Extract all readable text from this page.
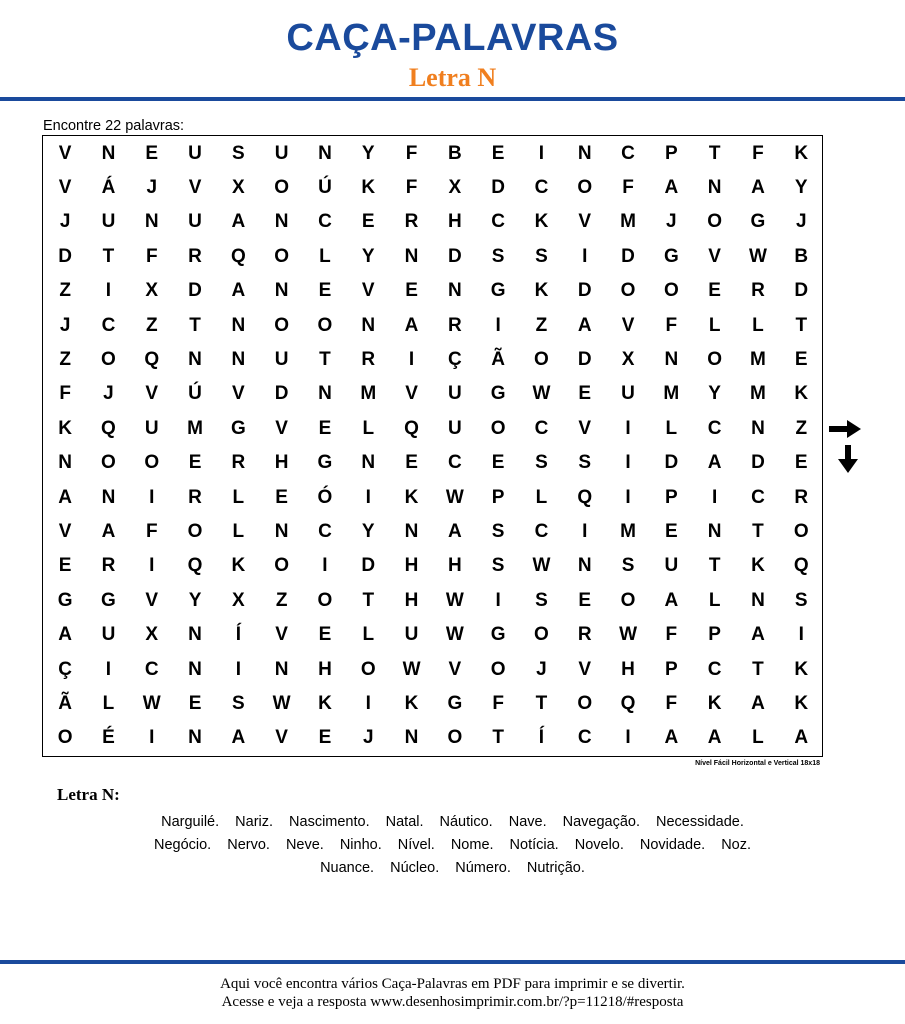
CAÇA-PALAVRAS
Letra N
Encontre 22 palavras:
V	N	E	U	S	U	N	Y	F	B	E	I	N	C	P	T	F	K
V	Á	J	V	X	O	Ú	K	F	X	D	C	O	F	A	N	A	Y
J	U	N	U	A	N	C	E	R	H	C	K	V	M	J	O	G	J
D	T	F	R	Q	O	L	Y	N	D	S	S	I	D	G	V	W	B
Z	I	X	D	A	N	E	V	E	N	G	K	D	O	O	E	R	D
J	C	Z	T	N	O	O	N	A	R	I	Z	A	V	F	L	L	T
Z	O	Q	N	N	U	T	R	I	Ç	Ã	O	D	X	N	O	M	E
F	J	V	Ú	V	D	N	M	V	U	G	W	E	U	M	Y	M	K
K	Q	U	M	G	V	E	L	Q	U	O	C	V	I	L	C	N	Z
N	O	O	E	R	H	G	N	E	C	E	S	S	I	D	A	D	E
A	N	I	R	L	E	Ó	I	K	W	P	L	Q	I	P	I	C	R
V	A	F	O	L	N	C	Y	N	A	S	C	I	M	E	N	T	O
E	R	I	Q	K	O	I	D	H	H	S	W	N	S	U	T	K	Q
G	G	V	Y	X	Z	O	T	H	W	I	S	E	O	A	L	N	S
A	U	X	N	Í	V	E	L	U	W	G	O	R	W	F	P	A	I
Ç	I	C	N	I	N	H	O	W	V	O	J	V	H	P	C	T	K
Ã	L	W	E	S	W	K	I	K	G	F	T	O	Q	F	K	A	K
O	É	I	N	A	V	E	J	N	O	T	Í	C	I	A	A	L	A
Nível Fácil Horizontal e Vertical 18x18
Letra N:
Narguilé. Nariz. Nascimento. Natal. Náutico. Nave. Navegação. Necessidade.
Negócio. Nervo. Neve. Ninho. Nível. Nome. Notícia. Novelo. Novidade. Noz.
Nuance. Núcleo. Número. Nutrição.
Aqui você encontra vários Caça-Palavras em PDF para imprimir e se divertir.
Acesse e veja a resposta www.desenhosimprimir.com.br/?p=11218/#resposta
